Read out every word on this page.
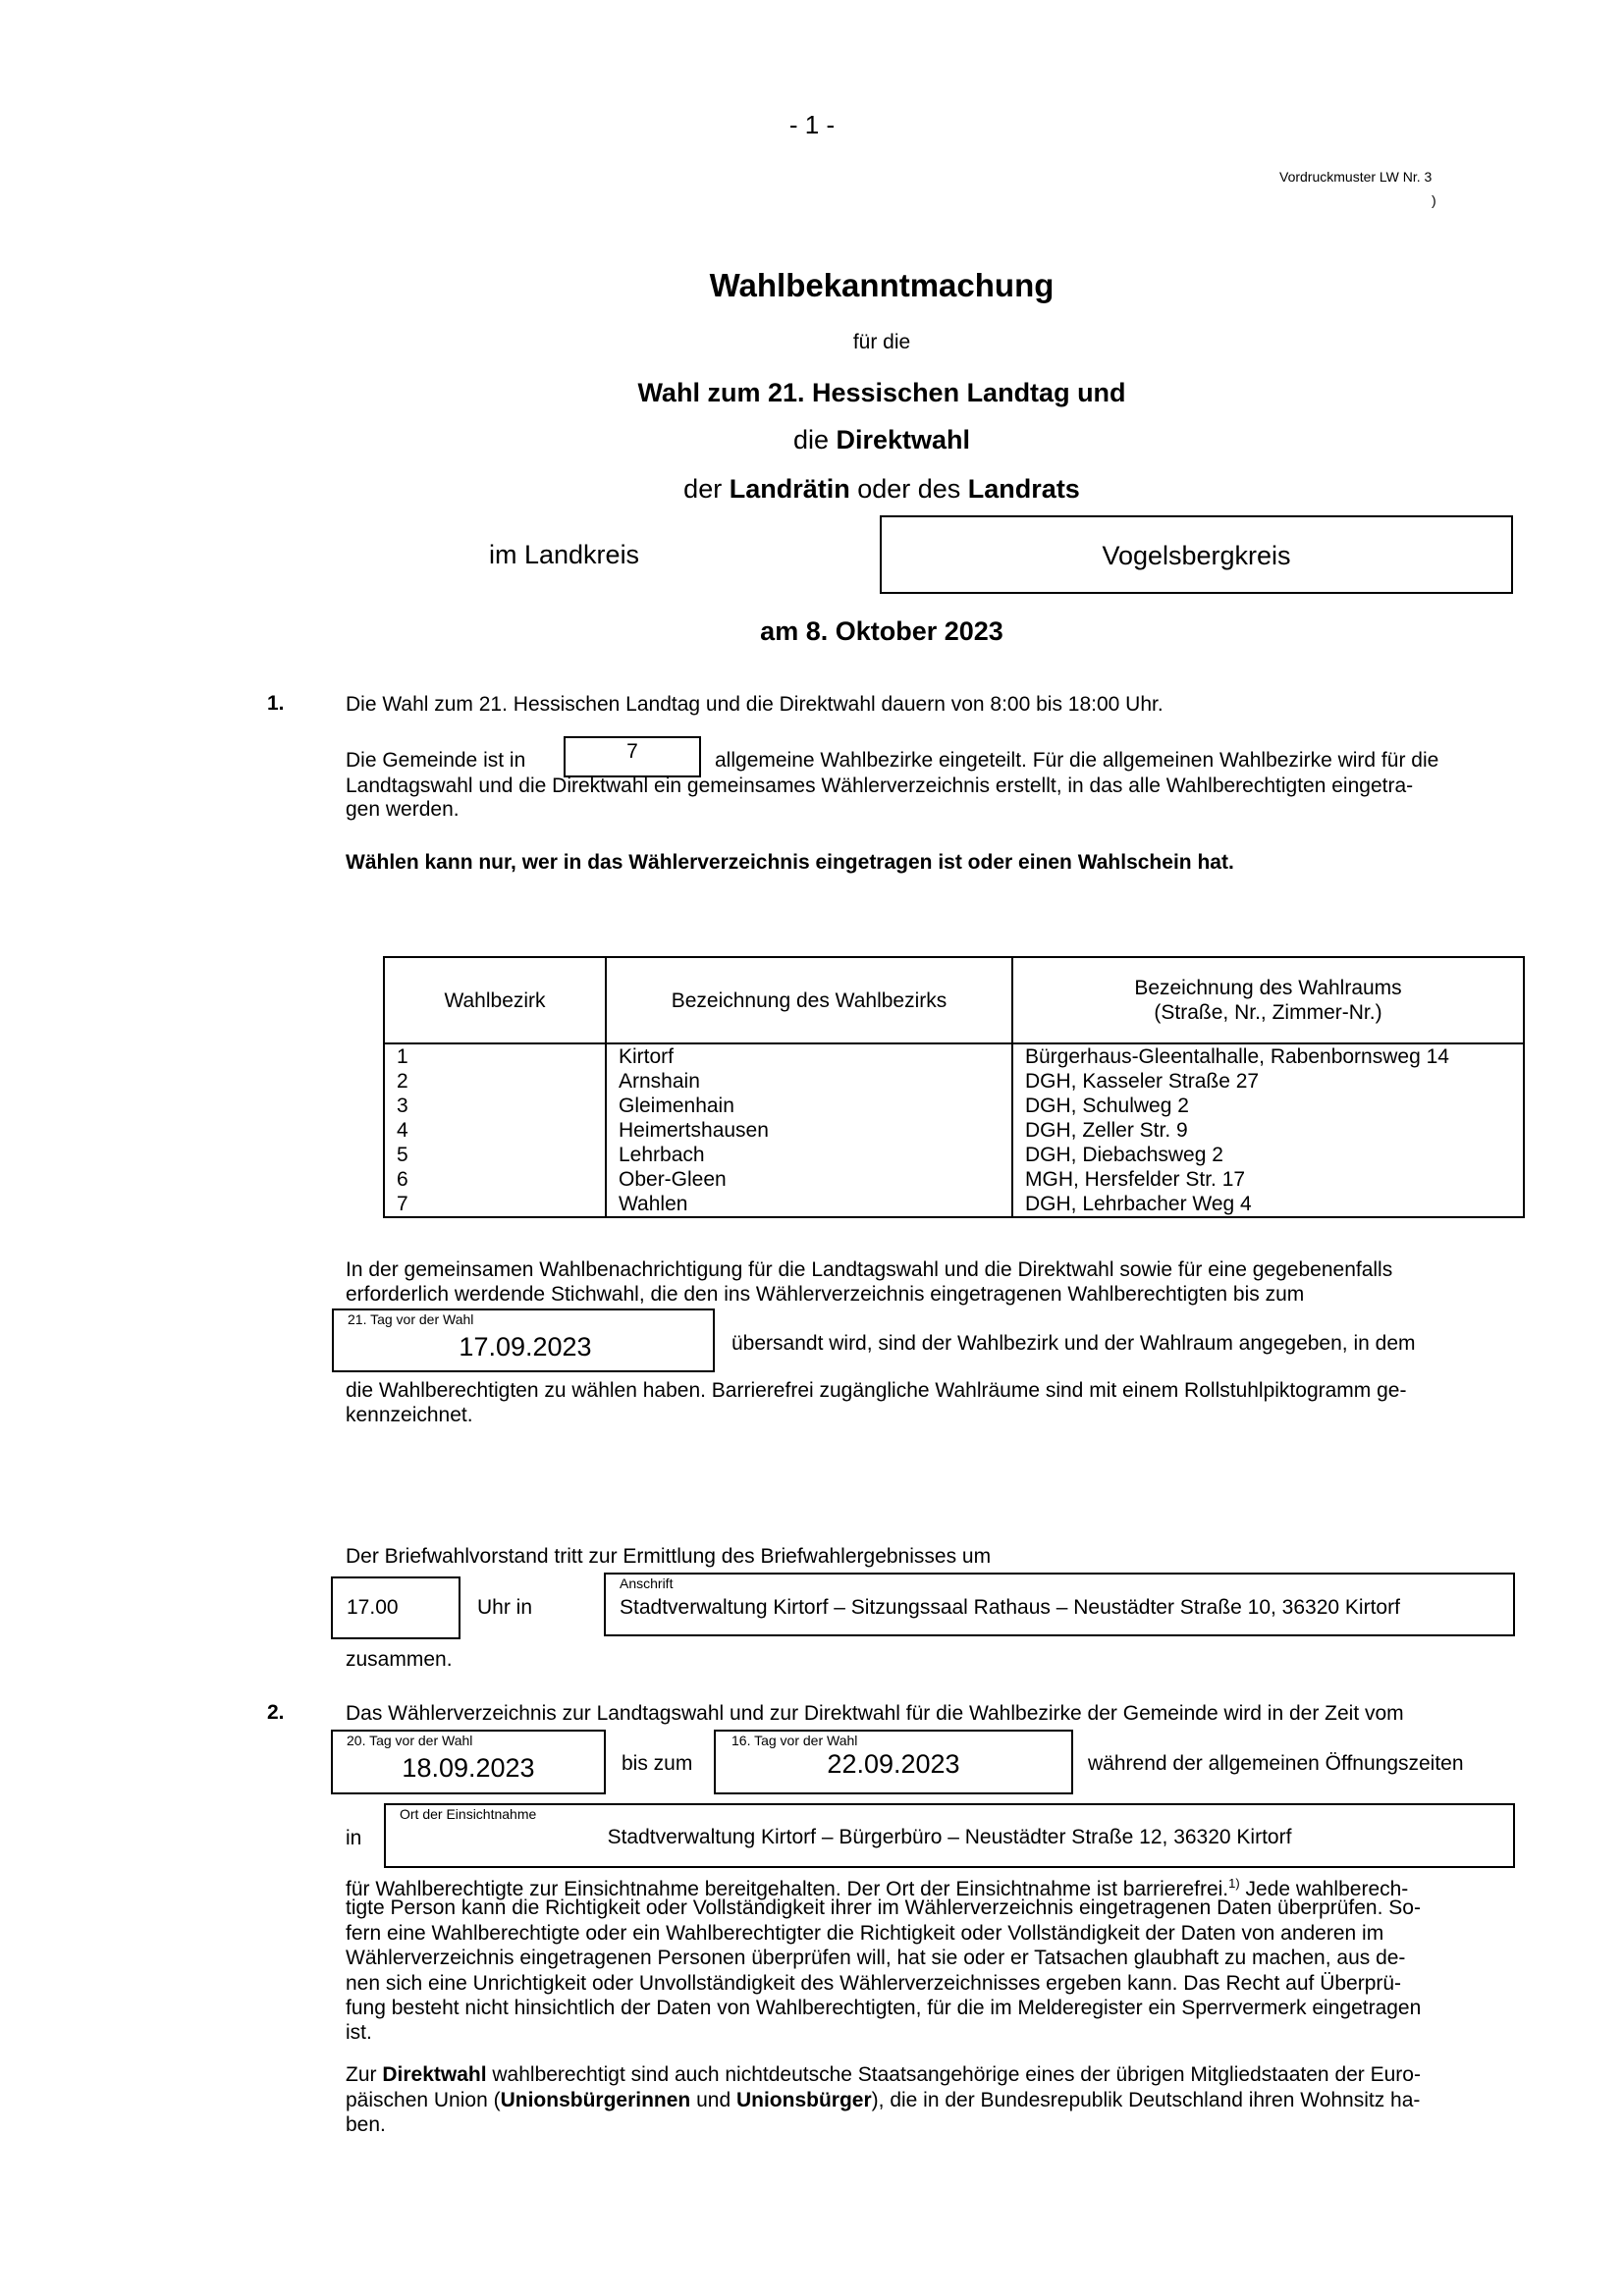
- 1 -
Vordruckmuster LW Nr. 3
)
Wahlbekanntmachung
für die
Wahl zum 21. Hessischen Landtag und
die Direktwahl
der Landrätin oder des Landrats
im Landkreis	Vogelsbergkreis
am 8. Oktober 2023
1.	Die Wahl zum 21. Hessischen Landtag und die Direktwahl dauern von 8:00 bis 18:00 Uhr.
Die Gemeinde ist in	7	allgemeine Wahlbezirke eingeteilt. Für die allgemeinen Wahlbezirke wird für die
Landtagswahl und die Direktwahl ein gemeinsames Wählerverzeichnis erstellt, in das alle Wahlberechtigten eingetra-
gen werden.
Wählen kann nur, wer in das Wählerverzeichnis eingetragen ist oder einen Wahlschein hat.
Wahlbezirk	Bezeichnung des Wahlbezirks	Bezeichnung des Wahlraums
(Straße, Nr., Zimmer-Nr.)
1	Kirtorf	Bürgerhaus-Gleentalhalle, Rabenbornsweg 14
2	Arnshain	DGH, Kasseler Straße 27
3	Gleimenhain	DGH, Schulweg 2
4	Heimertshausen	DGH, Zeller Str. 9
5	Lehrbach	DGH, Diebachsweg 2
6	Ober-Gleen	MGH, Hersfelder Str. 17
7	Wahlen	DGH, Lehrbacher Weg 4
In der gemeinsamen Wahlbenachrichtigung für die Landtagswahl und die Direktwahl sowie für eine gegebenenfalls
erforderlich werdende Stichwahl, die den ins Wählerverzeichnis eingetragenen Wahlberechtigten bis zum
21. Tag vor der Wahl
17.09.2023	übersandt wird, sind der Wahlbezirk und der Wahlraum angegeben, in dem
die Wahlberechtigten zu wählen haben. Barrierefrei zugängliche Wahlräume sind mit einem Rollstuhlpiktogramm ge-
kennzeichnet.
Der Briefwahlvorstand tritt zur Ermittlung des Briefwahlergebnisses um
17.00	Uhr in
Anschrift
Stadtverwaltung Kirtorf – Sitzungssaal Rathaus – Neustädter Straße 10, 36320 Kirtorf
zusammen.
2.	Das Wählerverzeichnis zur Landtagswahl und zur Direktwahl für die Wahlbezirke der Gemeinde wird in der Zeit vom
20. Tag vor der Wahl
18.09.2023	bis zum
16. Tag vor der Wahl
22.09.2023	während der allgemeinen Öffnungszeiten
in
Ort der Einsichtnahme
Stadtverwaltung Kirtorf – Bürgerbüro – Neustädter Straße 12, 36320 Kirtorf
für Wahlberechtigte zur Einsichtnahme bereitgehalten. Der Ort der Einsichtnahme ist barrierefrei.$^{1)}$ Jede wahlberech-
tigte Person kann die Richtigkeit oder Vollständigkeit ihrer im Wählerverzeichnis eingetragenen Daten überprüfen. So-
fern eine Wahlberechtigte oder ein Wahlberechtigter die Richtigkeit oder Vollständigkeit der Daten von anderen im
Wählerverzeichnis eingetragenen Personen überprüfen will, hat sie oder er Tatsachen glaubhaft zu machen, aus de-
nen sich eine Unrichtigkeit oder Unvollständigkeit des Wählerverzeichnisses ergeben kann. Das Recht auf Überprü-
fung besteht nicht hinsichtlich der Daten von Wahlberechtigten, für die im Melderegister ein Sperrvermerk eingetragen
ist.
Zur Direktwahl wahlberechtigt sind auch nichtdeutsche Staatsangehörige eines der übrigen Mitgliedstaaten der Euro-
päischen Union (Unionsbürgerinnen und Unionsbürger), die in der Bundesrepublik Deutschland ihren Wohnsitz ha-
ben.
